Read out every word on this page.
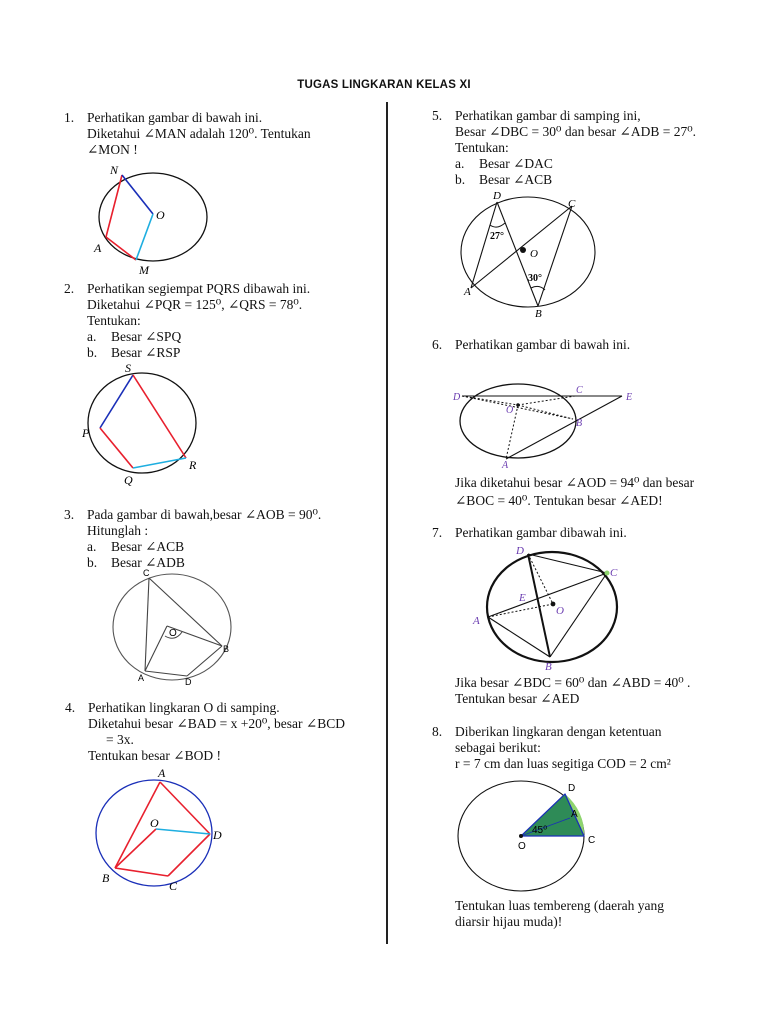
TUGAS LINGKARAN KELAS XI
1. Perhatikan gambar di bawah ini.
Diketahui ∠MAN adalah 120⁰. Tentukan
∠MON !
N
O
A
M
2. Perhatikan segiempat PQRS dibawah ini.
Diketahui ∠PQR = 125⁰, ∠QRS = 78⁰.
Tentukan:
a. Besar ∠SPQ
b. Besar ∠RSP
S
P
Q
R
3. Pada gambar di bawah,besar ∠AOB = 90⁰.
Hitunglah :
a. Besar ∠ACB
b. Besar ∠ADB
C
O
A
B
D
4. Perhatikan lingkaran O di samping.
Diketahui besar ∠BAD = x +20⁰, besar ∠BCD
= 3x.
Tentukan besar ∠BOD !
A
O
D
B
C
5. Perhatikan gambar di samping ini,
Besar ∠DBC = 30⁰ dan besar ∠ADB = 27⁰.
Tentukan:
a. Besar ∠DAC
b. Besar ∠ACB
D
C
27°
O
30°
A
B
6. Perhatikan gambar di bawah ini.
D
C
E
O
B
A
Jika diketahui besar ∠AOD = 94⁰ dan besar
∠BOC = 40⁰. Tentukan besar ∠AED!
7. Perhatikan gambar dibawah ini.
D
C
E
O
A
B
Jika besar ∠BDC = 60⁰ dan ∠ABD = 40⁰ .
Tentukan besar ∠AED
8. Diberikan lingkaran dengan ketentuan
sebagai berikut:
r = 7 cm dan luas segitiga COD = 2 cm²
D
A
45⁰
O
C
Tentukan luas tembereng (daerah yang
diarsir hijau muda)!
